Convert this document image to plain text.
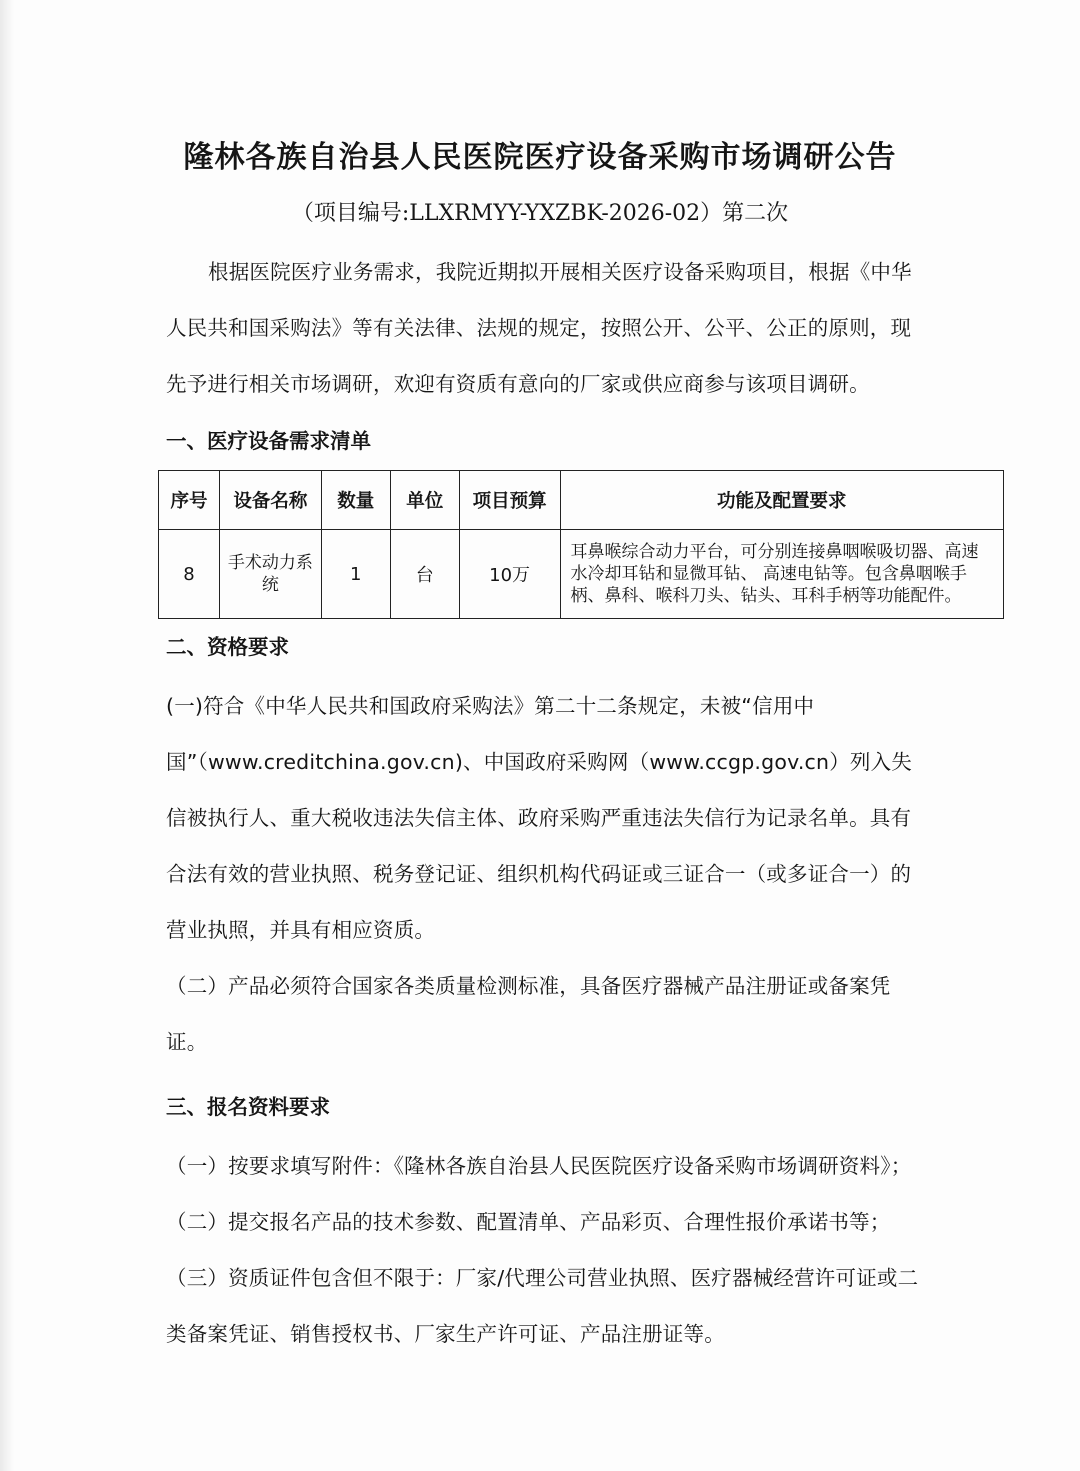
隆林各族自治县人民医院医疗设备采购市场调研公告
（项目编号:LLXRMYY-YXZBK-2026-02）第二次

根据医院医疗业务需求，我院近期拟开展相关医疗设备采购项目，根据《中华人民共和国采购法》等有关法律、法规的规定，按照公开、公平、公正的原则，现先予进行相关市场调研，欢迎有资质有意向的厂家或供应商参与该项目调研。

一、医疗设备需求清单
序号	设备名称	数量	单位	项目预算	功能及配置要求
8	手术动力系统	1	台	10万	耳鼻喉综合动力平台，可分别连接鼻咽喉吸切器、高速水冷却耳钻和显微耳钻、 高速电钻等。包含鼻咽喉手柄、鼻科、喉科刀头、钻头、耳科手柄等功能配件。
二、资格要求

(一)符合《中华人民共和国政府采购法》第二十二条规定，未被“信用中国”（www.creditchina.gov.cn)、中国政府采购网（www.ccgp.gov.cn）列入失信被执行人、重大税收违法失信主体、政府采购严重违法失信行为记录名单。具有合法有效的营业执照、税务登记证、组织机构代码证或三证合一（或多证合一）的营业执照，并具有相应资质。

（二）产品必须符合国家各类质量检测标准，具备医疗器械产品注册证或备案凭证。

三、报名资料要求

（一）按要求填写附件：《隆林各族自治县人民医院医疗设备采购市场调研资料》；

（二）提交报名产品的技术参数、配置清单、产品彩页、合理性报价承诺书等；

（三）资质证件包含但不限于：厂家/代理公司营业执照、医疗器械经营许可证或二类备案凭证、销售授权书、厂家生产许可证、产品注册证等。
